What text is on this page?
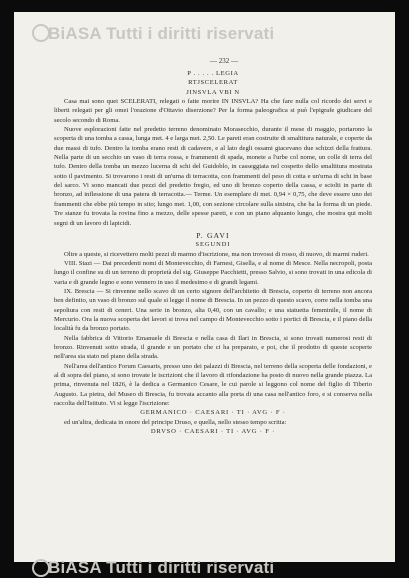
BiASA Tutti i diritti riservati
— 232 —
P . . . . . LEGIA
RTJSCELERAT
JINSVLA VBI N

Casa mai sono quei SCELERATI, relegati o fatte morire IN INSVLA? Ha che fare nulla col ricordo dei servi e liberti relegati per gli omei l'orazione d'Ottavio diserzione? Per la forma paleografica si può l'epigrafe giudicare del secolo secondo di Roma.

Nuove esplorazioni fatte nel predetto terreno denominato Morasecchio, durante il mese di maggio, portarono la scoperta di una tomba a cassa, lunga met. 4 e larga met. 2,50. Le pareti eran costruite di smaltitura naturale, e coperte da due massi di tufo. Dentro la tomba erano resti di cadavere, e al lato degli ossami giacevano due schizzi della frattura. Nella parte di un secchio un vaso di terra rossa, e frammenti di spada, monete a l'urbe col nome, un colle di terra del tufo. Dentro della tomba un mezzo lucerna di schi del Guidoblo, in casseggiata nel cospetto dello smaltitura mostrata sotto il pavimento. Si trovarono i resti di un'urna di terracotta, con frammenti del peso di cotta e un'urna di schi in base del sarco. Vi sono mancati due pezzi del predetto fregio, ed uno di bronzo coperto della cassa, e sciolti in parte di bronzo, ad inflessione di una patera di terracotta.— Terme. Un esemplare di met. 0,94 × 0,75, che deve essere uno dei frammenti che ebbe più tempo in sito; lungo met. 1,00, con sezione circolare sulla sinistra, che ha la forma di un piede. Tre stanze fu trovata la rovina fino a mezzo, delle spesse pareti, e con un piano alquanto lungo, che mostra qui molti segni di un lavoro di lapicidi.

P. GAVI
SEGUNDI

Oltre a queste, si ricevettero molti pezzi di marmo d'iscrizione, ma non trovossi di rosso, di nuovo, di marmi ruderi.

VIII. Stazi — Dai precedenti nomi di Montevecchio, di Farnesi, Gisella, e al nome di Mesce. Nella necropoli, posta lungo il confine su di un terreno di proprietà del sig. Giuseppe Pacchietti, presso Salvio, si sono trovati in una edicola di varia e di grande legno e sono vennero in uso il medesimo e di grandi legami.

IX. Brescia — Si rinvenne nello scavo di un certo signore dell'architetto di Brescia, coperto di terreno non ancora ben definito, un vaso di bronzo sul quale si legge il nome di Brescia. In un pezzo di questo scavo, corre nella tomba una sepoltura con resti di ceneri. Una serie in bronzo, alta 0,40, con un cavallo; e una statuetta femminile, il nome di Mercurio. Ora la nuova scoperta dei lavori si trova nel campo di Montevecchio sotto i portici di Brescia, e il piano della località fu da bronzo portato.

Nella fabbrica di Vittorio Emanuele di Brescia e nella casa di Ilari in Brescia, si sono trovati numerosi resti di bronzo. Rinvenuti sotto strada, il grande e un portato che ci ha preparato, e poi, che il prodotto di queste scoperte nell'area sia stato nel piano della strada.

Nell'area dell'antico Forum Caesaris, presso uno dei palazzi di Brescia, nel terreno della scoperta delle fondazioni, e al di sopra del piano, si sono trovate le iscrizioni che il lavoro di rifondazione ha posto di nuovo nella grande piazza. La prima, rinvenuta nel 1826, è la dedica a Germanico Cesare, le cui parole si leggono col nome del figlio di Tiberio Augusto. La pietra, del Museo di Brescia, fu trovata accanto alla porta di una casa nell'antico foro, e si conserva nella raccolta dell'Istituto. Vi si legge l'iscrizione:

GERMANICO · CAESARI · TI · AVG · F ·

ed un'altra, dedicata in onore del principe Druso, e quella, nello stesso tempo scritta:

DRVSO · CAESARI · TI · AVG · F ·
BiASA Tutti i diritti riservati
